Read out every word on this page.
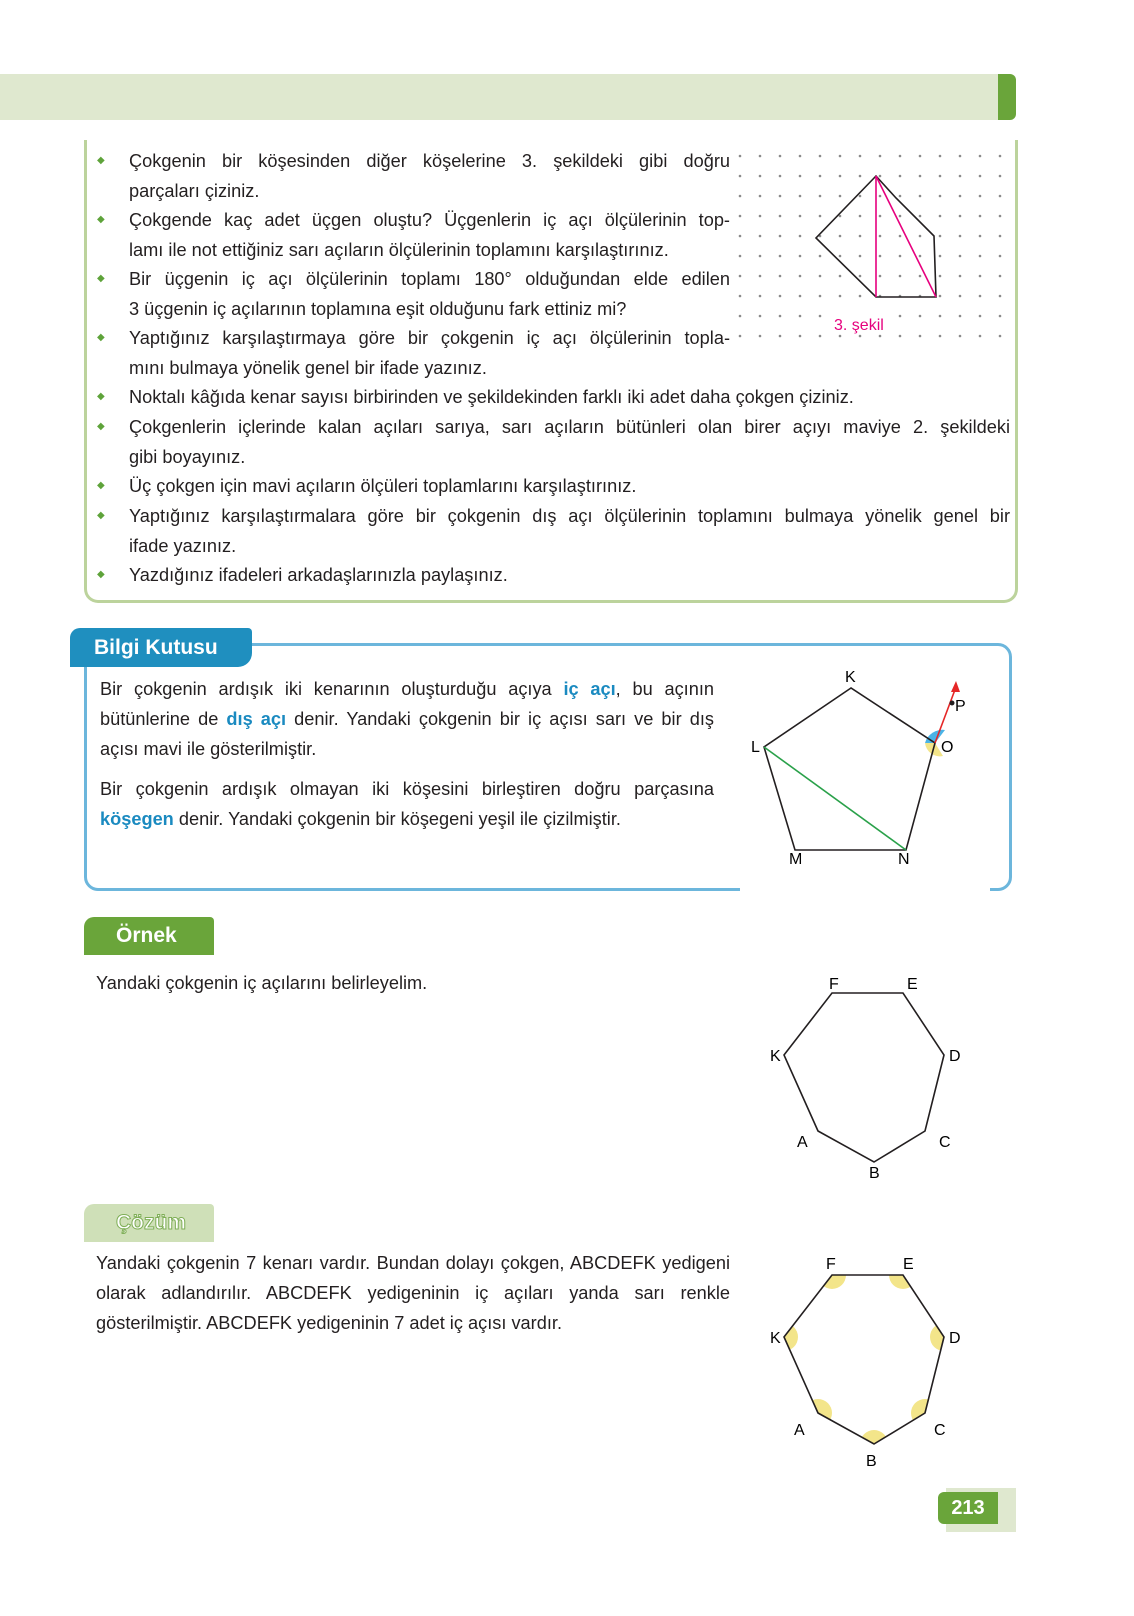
◆ Çokgenin bir köşesinden diğer köşelerine 3. şekildeki gibi doğru
parçaları çiziniz.
◆ Çokgende kaç adet üçgen oluştu? Üçgenlerin iç açı ölçülerinin top-
lamı ile not ettiğiniz sarı açıların ölçülerinin toplamını karşılaştırınız.
◆ Bir üçgenin iç açı ölçülerinin toplamı 180° olduğundan elde edilen
3 üçgenin iç açılarının toplamına eşit olduğunu fark ettiniz mi?
◆ Yaptığınız karşılaştırmaya göre bir çokgenin iç açı ölçülerinin topla-
mını bulmaya yönelik genel bir ifade yazınız.
◆ Noktalı kâğıda kenar sayısı birbirinden ve şekildekinden farklı iki adet daha çokgen çiziniz.
◆ Çokgenlerin içlerinde kalan açıları sarıya, sarı açıların bütünleri olan birer açıyı maviye 2. şekildeki
gibi boyayınız.
◆ Üç çokgen için mavi açıların ölçüleri toplamlarını karşılaştırınız.
◆ Yaptığınız karşılaştırmalara göre bir çokgenin dış açı ölçülerinin toplamını bulmaya yönelik genel bir
ifade yazınız.
◆ Yazdığınız ifadeleri arkadaşlarınızla paylaşınız.
3. şekil
Bilgi Kutusu
Bir çokgenin ardışık iki kenarının oluşturduğu açıya iç açı, bu açının bütünlerine de dış açı denir. Yandaki çokgenin bir iç açısı sarı ve bir dış açısı mavi ile gösterilmiştir.
Bir çokgenin ardışık olmayan iki köşesini birleştiren doğru parçasına köşegen denir. Yandaki çokgenin bir köşegeni yeşil ile çizilmiştir.
K
L
M	N
O
P
Örnek
Yandaki çokgenin iç açılarını belirleyelim.	F	E
D
K
A	C
B
Çözüm
Yandaki çokgenin 7 kenarı vardır. Bundan dolayı çokgen, ABCDEFK yedigeni olarak adlandırılır. ABCDEFK yedigeninin iç açıları yanda sarı renkle gösterilmiştir. ABCDEFK yedigeninin 7 adet iç açısı vardır.
F	E
D
K
A	C
B
213
